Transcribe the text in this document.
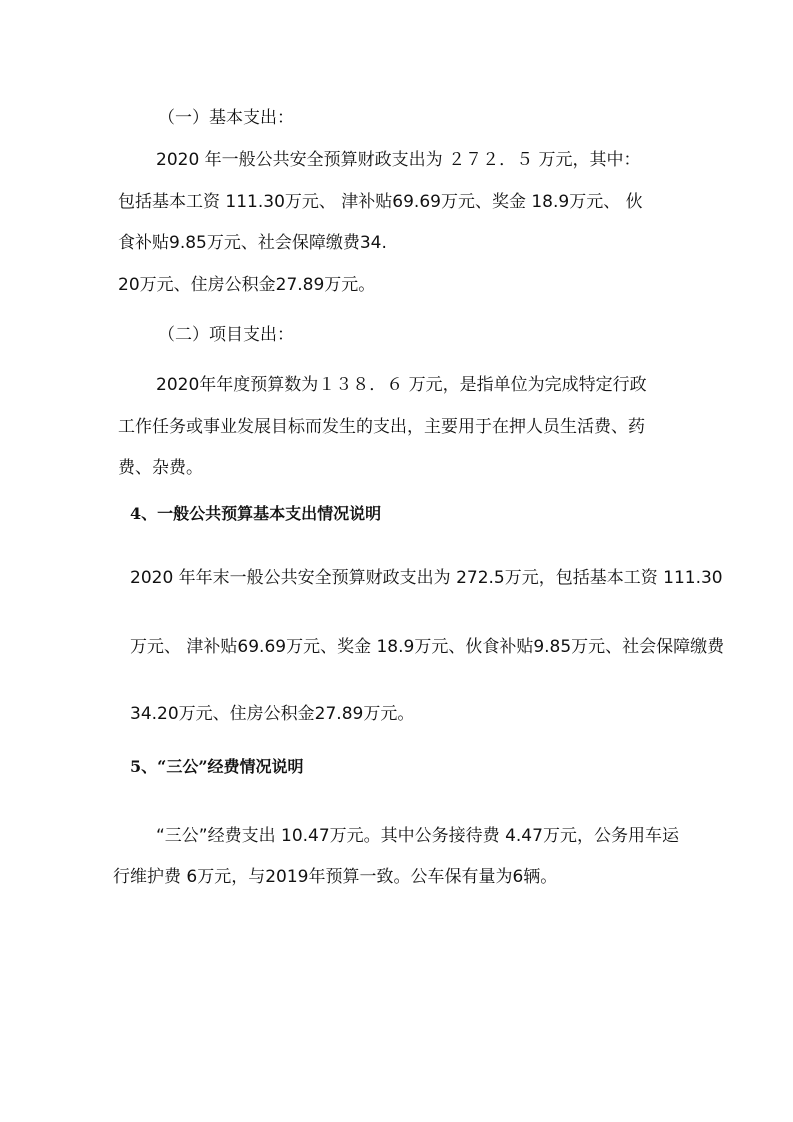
（一）基本支出：
2020 年一般公共安全预算财政支出为 ２７２．５ 万元，其中：
包括基本工资 111.30万元、 津补贴69.69万元、奖金 18.9万元、 伙
食补贴9.85万元、社会保障缴费34.
20万元、住房公积金27.89万元。
（二）项目支出：
2020年年度预算数为１３８．６ 万元，是指单位为完成特定行政
工作任务或事业发展目标而发生的支出，主要用于在押人员生活费、药
费、杂费。
4、一般公共预算基本支出情况说明
2020 年年末一般公共安全预算财政支出为 272.5万元，包括基本工资 111.30
万元、 津补贴69.69万元、奖金 18.9万元、伙食补贴9.85万元、社会保障缴费
34.20万元、住房公积金27.89万元。
5、“三公”经费情况说明
“三公”经费支出 10.47万元。其中公务接待费 4.47万元，公务用车运
行维护费 6万元，与2019年预算一致。公车保有量为6辆。
